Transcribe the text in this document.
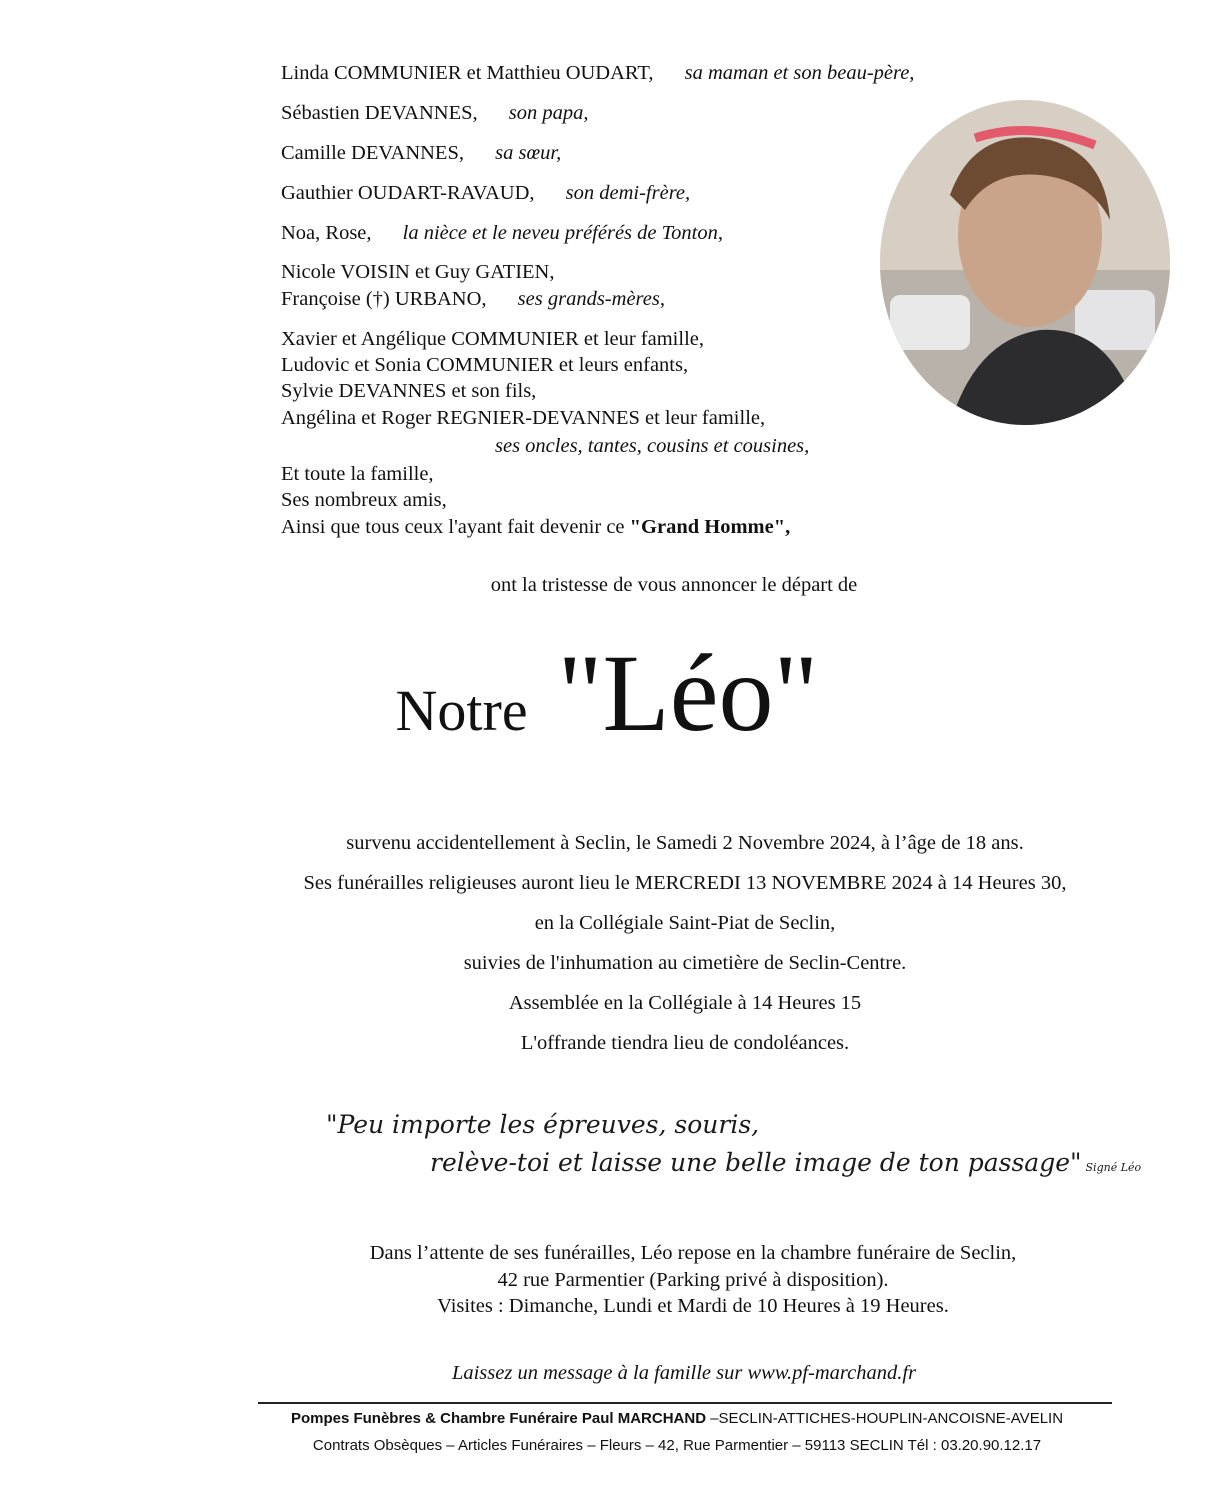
Linda COMMUNIER et Matthieu OUDART, sa maman et son beau-père,
Sébastien DEVANNES, son papa,
Camille DEVANNES, sa sœur,
Gauthier OUDART-RAVAUD, son demi-frère,
Noa, Rose, la nièce et le neveu préférés de Tonton,
Nicole VOISIN et Guy GATIEN,
Françoise (†) URBANO, ses grands-mères,
Xavier et Angélique COMMUNIER et leur famille,
Ludovic et Sonia COMMUNIER et leurs enfants,
Sylvie DEVANNES et son fils,
Angélina et Roger REGNIER-DEVANNES et leur famille,
ses oncles, tantes, cousins et cousines,
Et toute la famille,
Ses nombreux amis,
Ainsi que tous ceux l'ayant fait devenir ce "Grand Homme",
ont la tristesse de vous annoncer le départ de
Notre "Léo"
survenu accidentellement à Seclin, le Samedi 2 Novembre 2024, à l’âge de 18 ans.
Ses funérailles religieuses auront lieu le MERCREDI 13 NOVEMBRE 2024 à 14 Heures 30,
en la Collégiale Saint-Piat de Seclin,
suivies de l'inhumation au cimetière de Seclin-Centre.
Assemblée en la Collégiale à 14 Heures 15
L'offrande tiendra lieu de condoléances.
"Peu importe les épreuves, souris,
relève-toi et laisse une belle image de ton passage" Signé Léo
Dans l’attente de ses funérailles, Léo repose en la chambre funéraire de Seclin,
42 rue Parmentier (Parking privé à disposition).
Visites : Dimanche, Lundi et Mardi de 10 Heures à 19 Heures.
Laissez un message à la famille sur www.pf-marchand.fr
Pompes Funèbres & Chambre Funéraire Paul MARCHAND –SECLIN-ATTICHES-HOUPLIN-ANCOISNE-AVELIN
Contrats Obsèques – Articles Funéraires – Fleurs – 42, Rue Parmentier – 59113 SECLIN Tél : 03.20.90.12.17
